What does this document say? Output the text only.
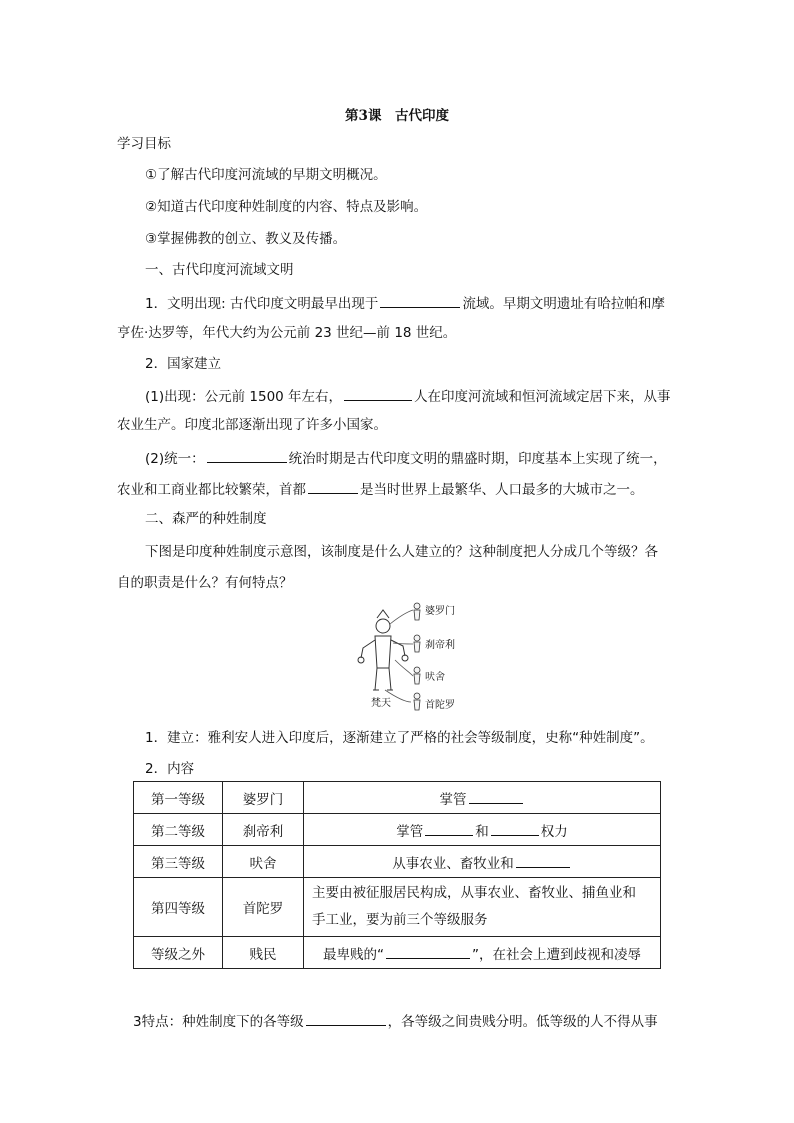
第3课　古代印度
学习目标
①了解古代印度河流域的早期文明概况。
②知道古代印度种姓制度的内容、特点及影响。
③掌握佛教的创立、教义及传播。
一、古代印度河流域文明
1．文明出现: 古代印度文明最早出现于	流域。早期文明遗址有哈拉帕和摩
亨佐·达罗等，年代大约为公元前 23 世纪—前 18 世纪。
2．国家建立
(1)出现：公元前 1500 年左右，	人在印度河流域和恒河流域定居下来，从事
农业生产。印度北部逐渐出现了许多小国家。
(2)统一：	统治时期是古代印度文明的鼎盛时期，印度基本上实现了统一，
农业和工商业都比较繁荣，首都	是当时世界上最繁华、人口最多的大城市之一。
二、森严的种姓制度
下图是印度种姓制度示意图，该制度是什么人建立的？这种制度把人分成几个等级？各
自的职责是什么？有何特点？
婆罗门
刹帝利
吠舍
首陀罗
梵天
1．建立：雅利安人进入印度后，逐渐建立了严格的社会等级制度，史称“种姓制度”。
2．内容
第一等级	婆罗门	掌管
第二等级	刹帝利	掌管 和 权力
第三等级	吠舍	从事农业、畜牧业和
第四等级	首陀罗	主要由被征服居民构成，从事农业、畜牧业、捕鱼业和
手工业，要为前三个等级服务

等级之外	贱民	最卑贱的“ ”，在社会上遭到歧视和凌辱
3特点：种姓制度下的各等级	，各等级之间贵贱分明。低等级的人不得从事
